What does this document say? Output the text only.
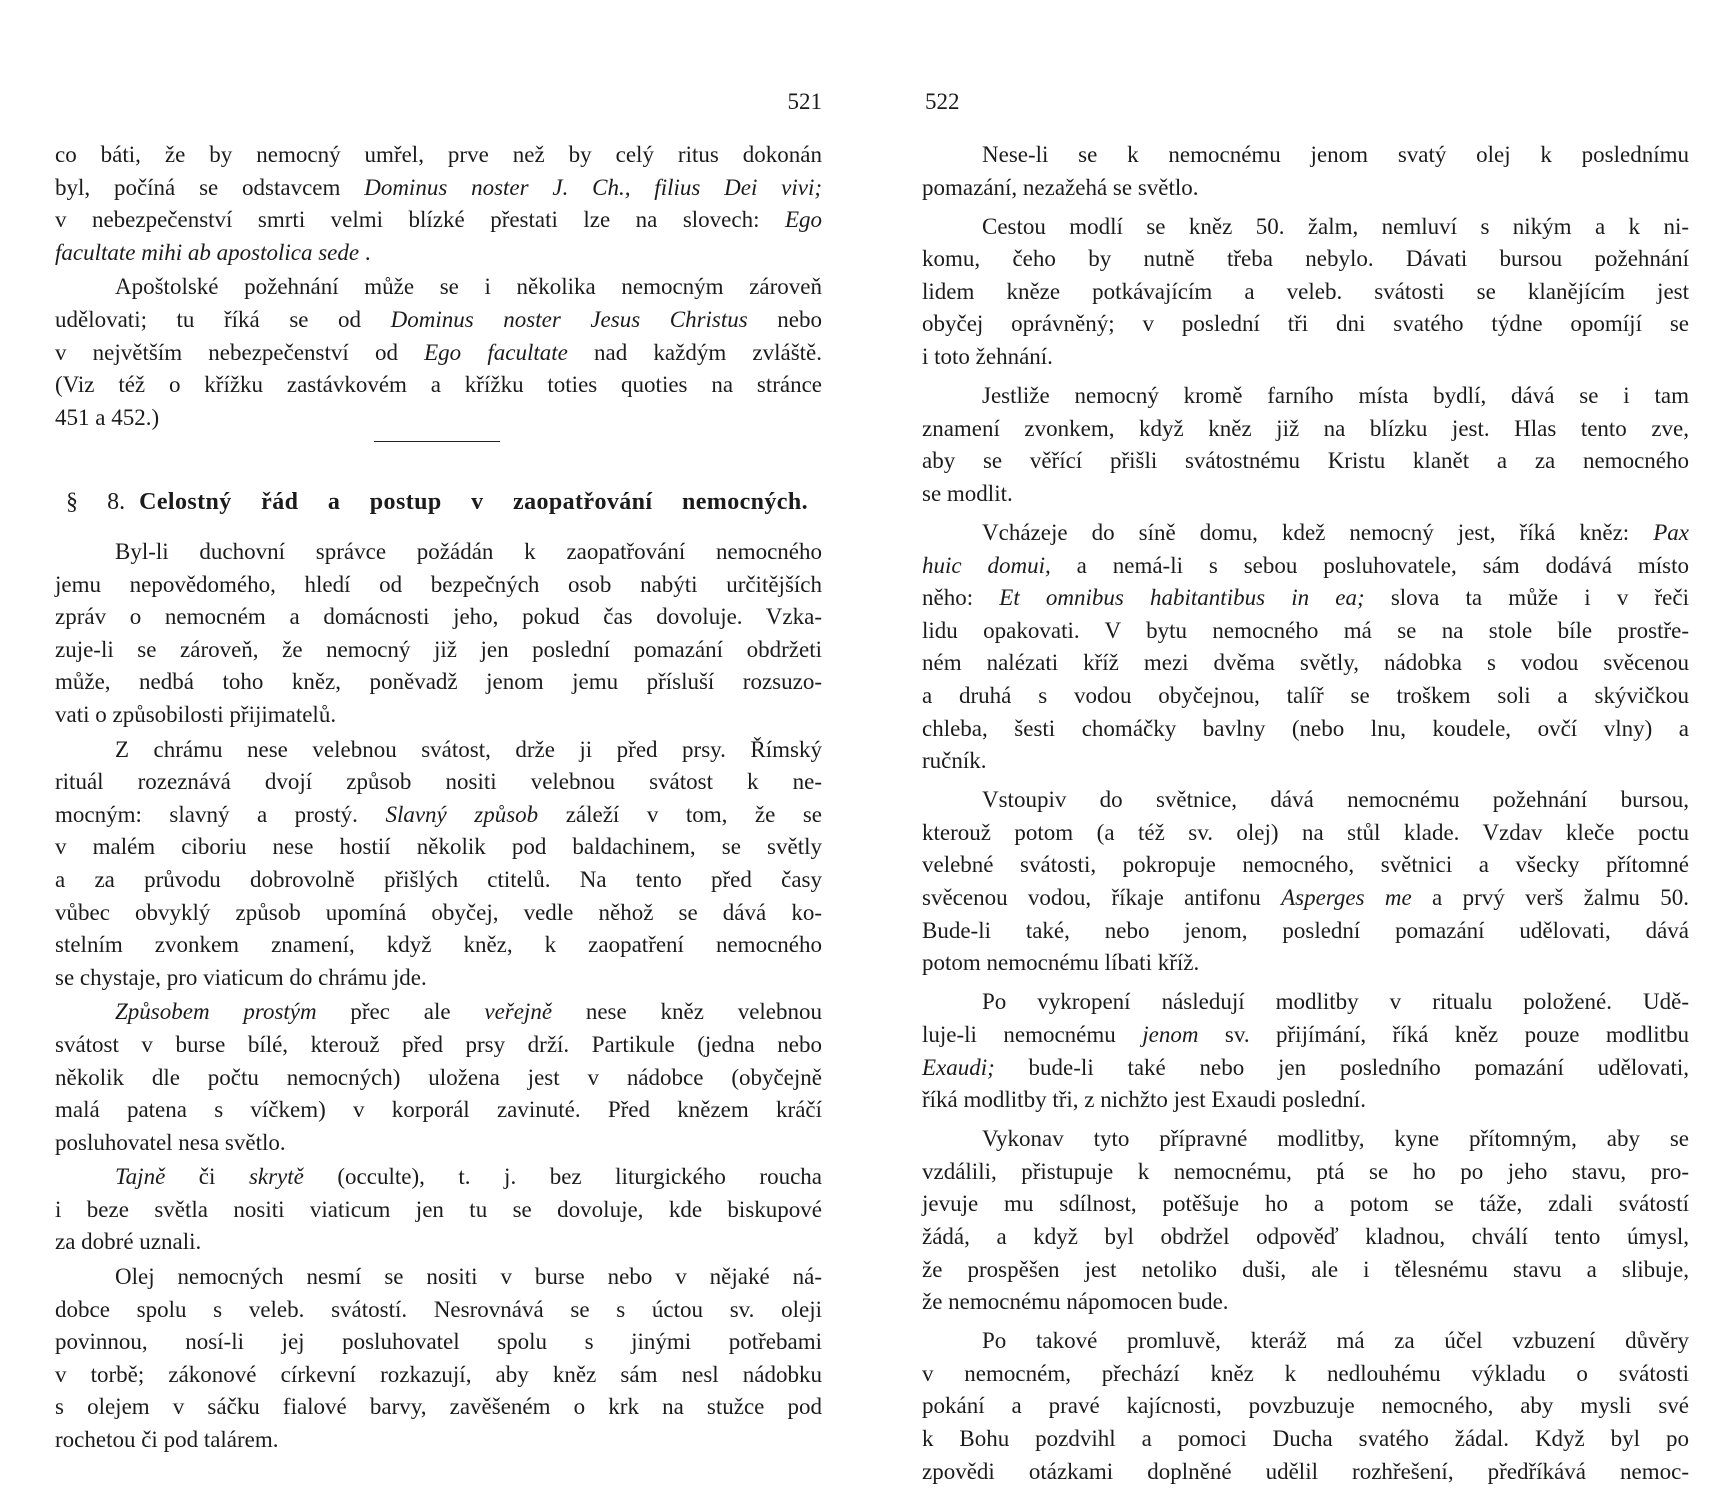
521
co báti, že by nemocný umřel, prve než by celý ritus dokonán
byl, počíná se odstavcem Dominus noster J. Ch., filius Dei vivi;
v nebezpečenství smrti velmi blízké přestati lze na slovech: Ego
facultate mihi ab apostolica sede .
Apoštolské požehnání může se i několika nemocným zároveň
udělovati; tu říká se od Dominus noster Jesus Christus nebo
v největším nebezpečenství od Ego facultate nad každým zvláště.
(Viz též o křížku zastávkovém a křížku toties quoties na stránce
451 a 452.)
§ 8. Celostný řád a postup v zaopatřování nemocných.
Byl-li duchovní správce požádán k zaopatřování nemocného
jemu nepovědomého, hledí od bezpečných osob nabýti určitějších
zpráv o nemocném a domácnosti jeho, pokud čas dovoluje. Vzka-
zuje-li se zároveň, že nemocný již jen poslední pomazání obdržeti
může, nedbá toho kněz, poněvadž jenom jemu přísluší rozsuzo-
vati o způsobilosti přijimatelů.
Z chrámu nese velebnou svátost, drže ji před prsy. Římský
rituál rozeznává dvojí způsob nositi velebnou svátost k ne-
mocným: slavný a prostý. Slavný způsob záleží v tom, že se
v malém ciboriu nese hostií několik pod baldachinem, se světly
a za průvodu dobrovolně přišlých ctitelů. Na tento před časy
vůbec obvyklý způsob upomíná obyčej, vedle něhož se dává ko-
stelním zvonkem znamení, když kněz, k zaopatření nemocného
se chystaje, pro viaticum do chrámu jde.
Způsobem prostým přec ale veřejně nese kněz velebnou
svátost v burse bílé, kterouž před prsy drží. Partikule (jedna nebo
několik dle počtu nemocných) uložena jest v nádobce (obyčejně
malá patena s víčkem) v korporál zavinuté. Před knězem kráčí
posluhovatel nesa světlo.
Tajně či skrytě (occulte), t. j. bez liturgického roucha
i beze světla nositi viaticum jen tu se dovoluje, kde biskupové
za dobré uznali.
Olej nemocných nesmí se nositi v burse nebo v nějaké ná-
dobce spolu s veleb. svátostí. Nesrovnává se s úctou sv. oleji
povinnou, nosí-li jej posluhovatel spolu s jinými potřebami
v torbě; zákonové církevní rozkazují, aby kněz sám nesl nádobku
s olejem v sáčku fialové barvy, zavěšeném o krk na stužce pod
rochetou či pod talárem.
522
Nese-li se k nemocnému jenom svatý olej k poslednímu
pomazání, nezažehá se světlo.
Cestou modlí se kněz 50. žalm, nemluví s nikým a k ni-
komu, čeho by nutně třeba nebylo. Dávati bursou požehnání
lidem kněze potkávajícím a veleb. svátosti se klanějícím jest
obyčej oprávněný; v poslední tři dni svatého týdne opomíjí se
i toto žehnání.
Jestliže nemocný kromě farního místa bydlí, dává se i tam
znamení zvonkem, když kněz již na blízku jest. Hlas tento zve,
aby se věřící přišli svátostnému Kristu klanět a za nemocného
se modlit.
Vcházeje do síně domu, kdež nemocný jest, říká kněz: Pax
huic domui, a nemá-li s sebou posluhovatele, sám dodává místo
něho: Et omnibus habitantibus in ea; slova ta může i v řeči
lidu opakovati. V bytu nemocného má se na stole bíle prostře-
ném nalézati kříž mezi dvěma světly, nádobka s vodou svěcenou
a druhá s vodou obyčejnou, talíř se troškem soli a skývičkou
chleba, šesti chomáčky bavlny (nebo lnu, koudele, ovčí vlny) a
ručník.
Vstoupiv do světnice, dává nemocnému požehnání bursou,
kterouž potom (a též sv. olej) na stůl klade. Vzdav kleče poctu
velebné svátosti, pokropuje nemocného, světnici a všecky přítomné
svěcenou vodou, říkaje antifonu Asperges me a prvý verš žalmu 50.
Bude-li také, nebo jenom, poslední pomazání udělovati, dává
potom nemocnému líbati kříž.
Po vykropení následují modlitby v ritualu položené. Udě-
luje-li nemocnému jenom sv. přijímání, říká kněz pouze modlitbu
Exaudi; bude-li také nebo jen posledního pomazání udělovati,
říká modlitby tři, z nichžto jest Exaudi poslední.
Vykonav tyto přípravné modlitby, kyne přítomným, aby se
vzdálili, přistupuje k nemocnému, ptá se ho po jeho stavu, pro-
jevuje mu sdílnost, potěšuje ho a potom se táže, zdali svátostí
žádá, a když byl obdržel odpověď kladnou, chválí tento úmysl,
že prospěšen jest netoliko duši, ale i tělesnému stavu a slibuje,
že nemocnému nápomocen bude.
Po takové promluvě, kteráž má za účel vzbuzení důvěry
v nemocném, přechází kněz k nedlouhému výkladu o svátosti
pokání a pravé kajícnosti, povzbuzuje nemocného, aby mysli své
k Bohu pozdvihl a pomoci Ducha svatého žádal. Když byl po
zpovědi otázkami doplněné udělil rozhřešení, předříkává nemoc-
